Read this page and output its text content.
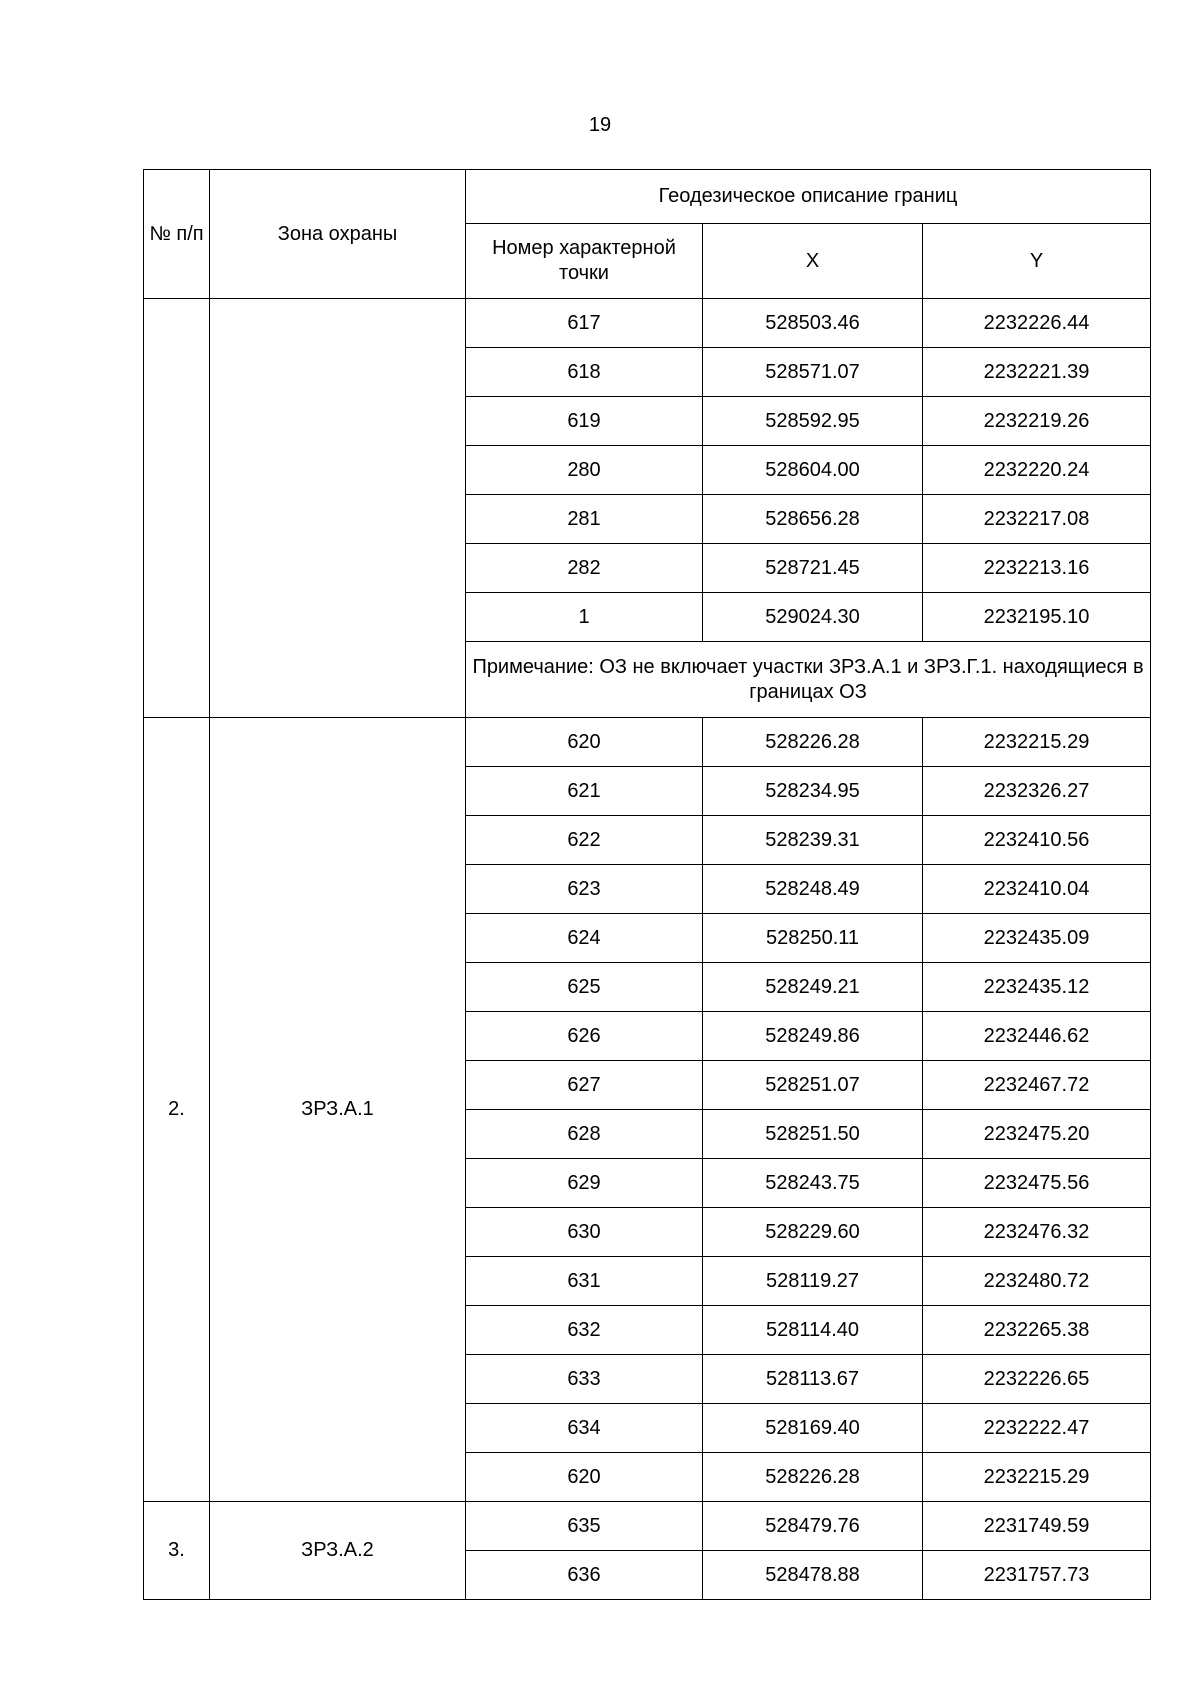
19
№ п/п	Зона охраны	Геодезическое описание границ		
		Номер характерной точки	X	Y
		617	528503.46	2232226.44
		618	528571.07	2232221.39
		619	528592.95	2232219.26
		280	528604.00	2232220.24
		281	528656.28	2232217.08
		282	528721.45	2232213.16
		1	529024.30	2232195.10
		Примечание: ОЗ не включает участки ЗРЗ.А.1 и ЗРЗ.Г.1. находящиеся в границах ОЗ		
2.	ЗРЗ.А.1	620	528226.28	2232215.29
		621	528234.95	2232326.27
		622	528239.31	2232410.56
		623	528248.49	2232410.04
		624	528250.11	2232435.09
		625	528249.21	2232435.12
		626	528249.86	2232446.62
		627	528251.07	2232467.72
		628	528251.50	2232475.20
		629	528243.75	2232475.56
		630	528229.60	2232476.32
		631	528119.27	2232480.72
		632	528114.40	2232265.38
		633	528113.67	2232226.65
		634	528169.40	2232222.47
		620	528226.28	2232215.29
3.	ЗРЗ.А.2	635	528479.76	2231749.59
		636	528478.88	2231757.73
